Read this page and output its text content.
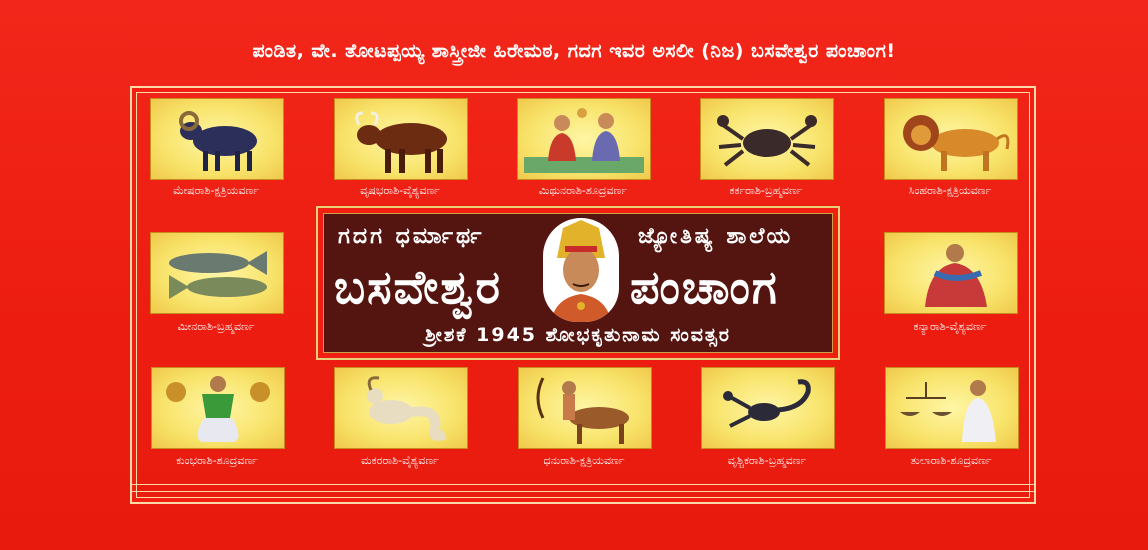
ಪಂಡಿತ, ವೇ. ತೋಟಪ್ಪಯ್ಯ ಶಾಸ್ತ್ರೀಜೀ ಹಿರೇಮಠ, ಗದಗ ಇವರ ಅಸಲೀ (ನಿಜ) ಬಸವೇಶ್ವರ ಪಂಚಾಂಗ!
ಮೇಷರಾಶಿ-ಕ್ಷತ್ರಿಯವರ್ಣ	ವೃಷಭರಾಶಿ-ವೈಶ್ಯವರ್ಣ	ಮಿಥುನರಾಶಿ-ಶೂದ್ರವರ್ಣ	ಕರ್ಕರಾಶಿ-ಬ್ರಹ್ಮವರ್ಣ	ಸಿಂಹರಾಶಿ-ಕ್ಷತ್ರಿಯವರ್ಣ
ಮೀನರಾಶಿ-ಬ್ರಹ್ಮವರ್ಣ	ಕನ್ಯಾರಾಶಿ-ವೈಶ್ಯವರ್ಣ
ಕುಂಭರಾಶಿ-ಶೂದ್ರವರ್ಣ	ಮಕರರಾಶಿ-ವೈಶ್ಯವರ್ಣ	ಧನುರಾಶಿ-ಕ್ಷತ್ರಿಯವರ್ಣ	ವೃಶ್ಚಿಕರಾಶಿ-ಬ್ರಹ್ಮವರ್ಣ	ತುಲಾರಾಶಿ-ಶೂದ್ರವರ್ಣ
ಗದಗ ಧರ್ಮಾರ್ಥ	ಜ್ಯೋತಿಷ್ಯ ಶಾಲೆಯ
ಬಸವೇಶ್ವರ	ಪಂಚಾಂಗ
ಶ್ರೀಶಕೆ 1945 ಶೋಭಕೃತುನಾಮ ಸಂವತ್ಸರ
